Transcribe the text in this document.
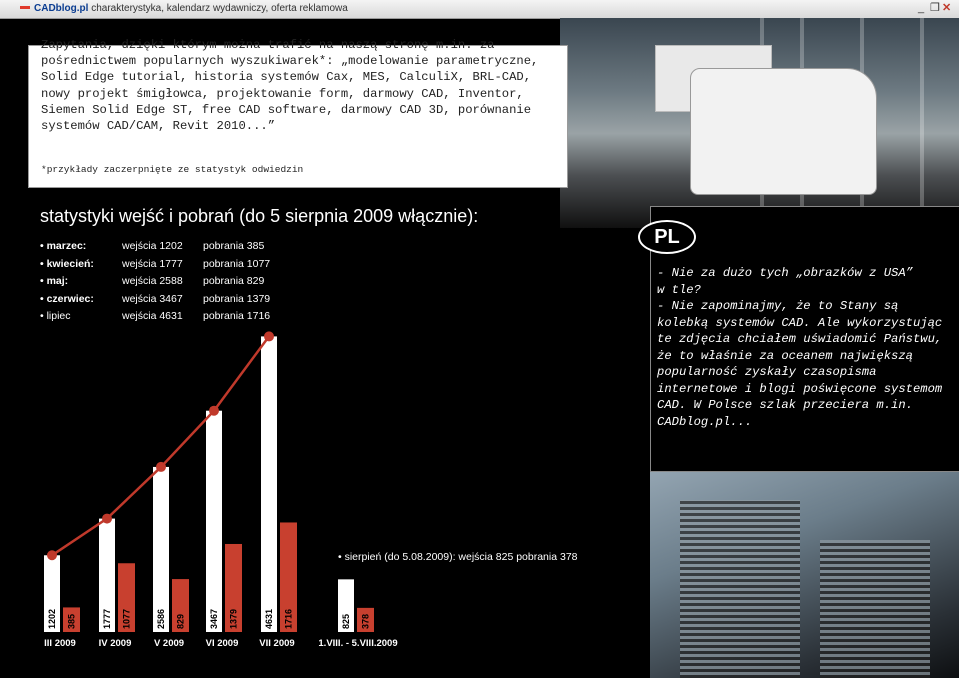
CADblog.pl charakterystyka, kalendarz wydawniczy, oferta reklamowa	_ ❐ ✕
Zapytania, dzięki którym można trafić na naszą stronę m.in. za pośrednictwem popularnych wyszukiwarek*: „modelowanie parametryczne, Solid Edge tutorial, historia systemów Cax, MES, CalculiX, BRL-CAD, nowy projekt śmigłowca, projektowanie form, darmowy CAD, Inventor, Siemen Solid Edge ST, free CAD software, darmowy CAD 3D, porównanie systemów CAD/CAM, Revit 2010...”
*przykłady zaczerpnięte ze statystyk odwiedzin
statystyki wejść i pobrań (do 5 sierpnia 2009 włącznie):
• marzec:	wejścia 1202 pobrania 385
• kwiecień:	wejścia 1777 pobrania 1077
• maj:	wejścia 2588 pobrania 829
• czerwiec:	wejścia 3467 pobrania 1379
• lipiec	wejścia 4631 pobrania 1716
PL
- Nie za dużo tych „obrazków z USA”
w tle?
- Nie zapominajmy, że to Stany są
kolebką systemów CAD. Ale wykorzystując
te zdjęcia chciałem uświadomić Państwu,
że to właśnie za oceanem największą
popularność zyskały czasopisma
internetowe i blogi poświęcone systemom
CAD. W Polsce szlak przeciera m.in.
CADblog.pl...
1202 385
III 2009
1777 1077
IV 2009
2586 829
V 2009
3467 1379
VI 2009
4631 1716
VII 2009
825 378
1.VIII. - 5.VIII.2009
• sierpień (do 5.08.2009): wejścia 825 pobrania 378
